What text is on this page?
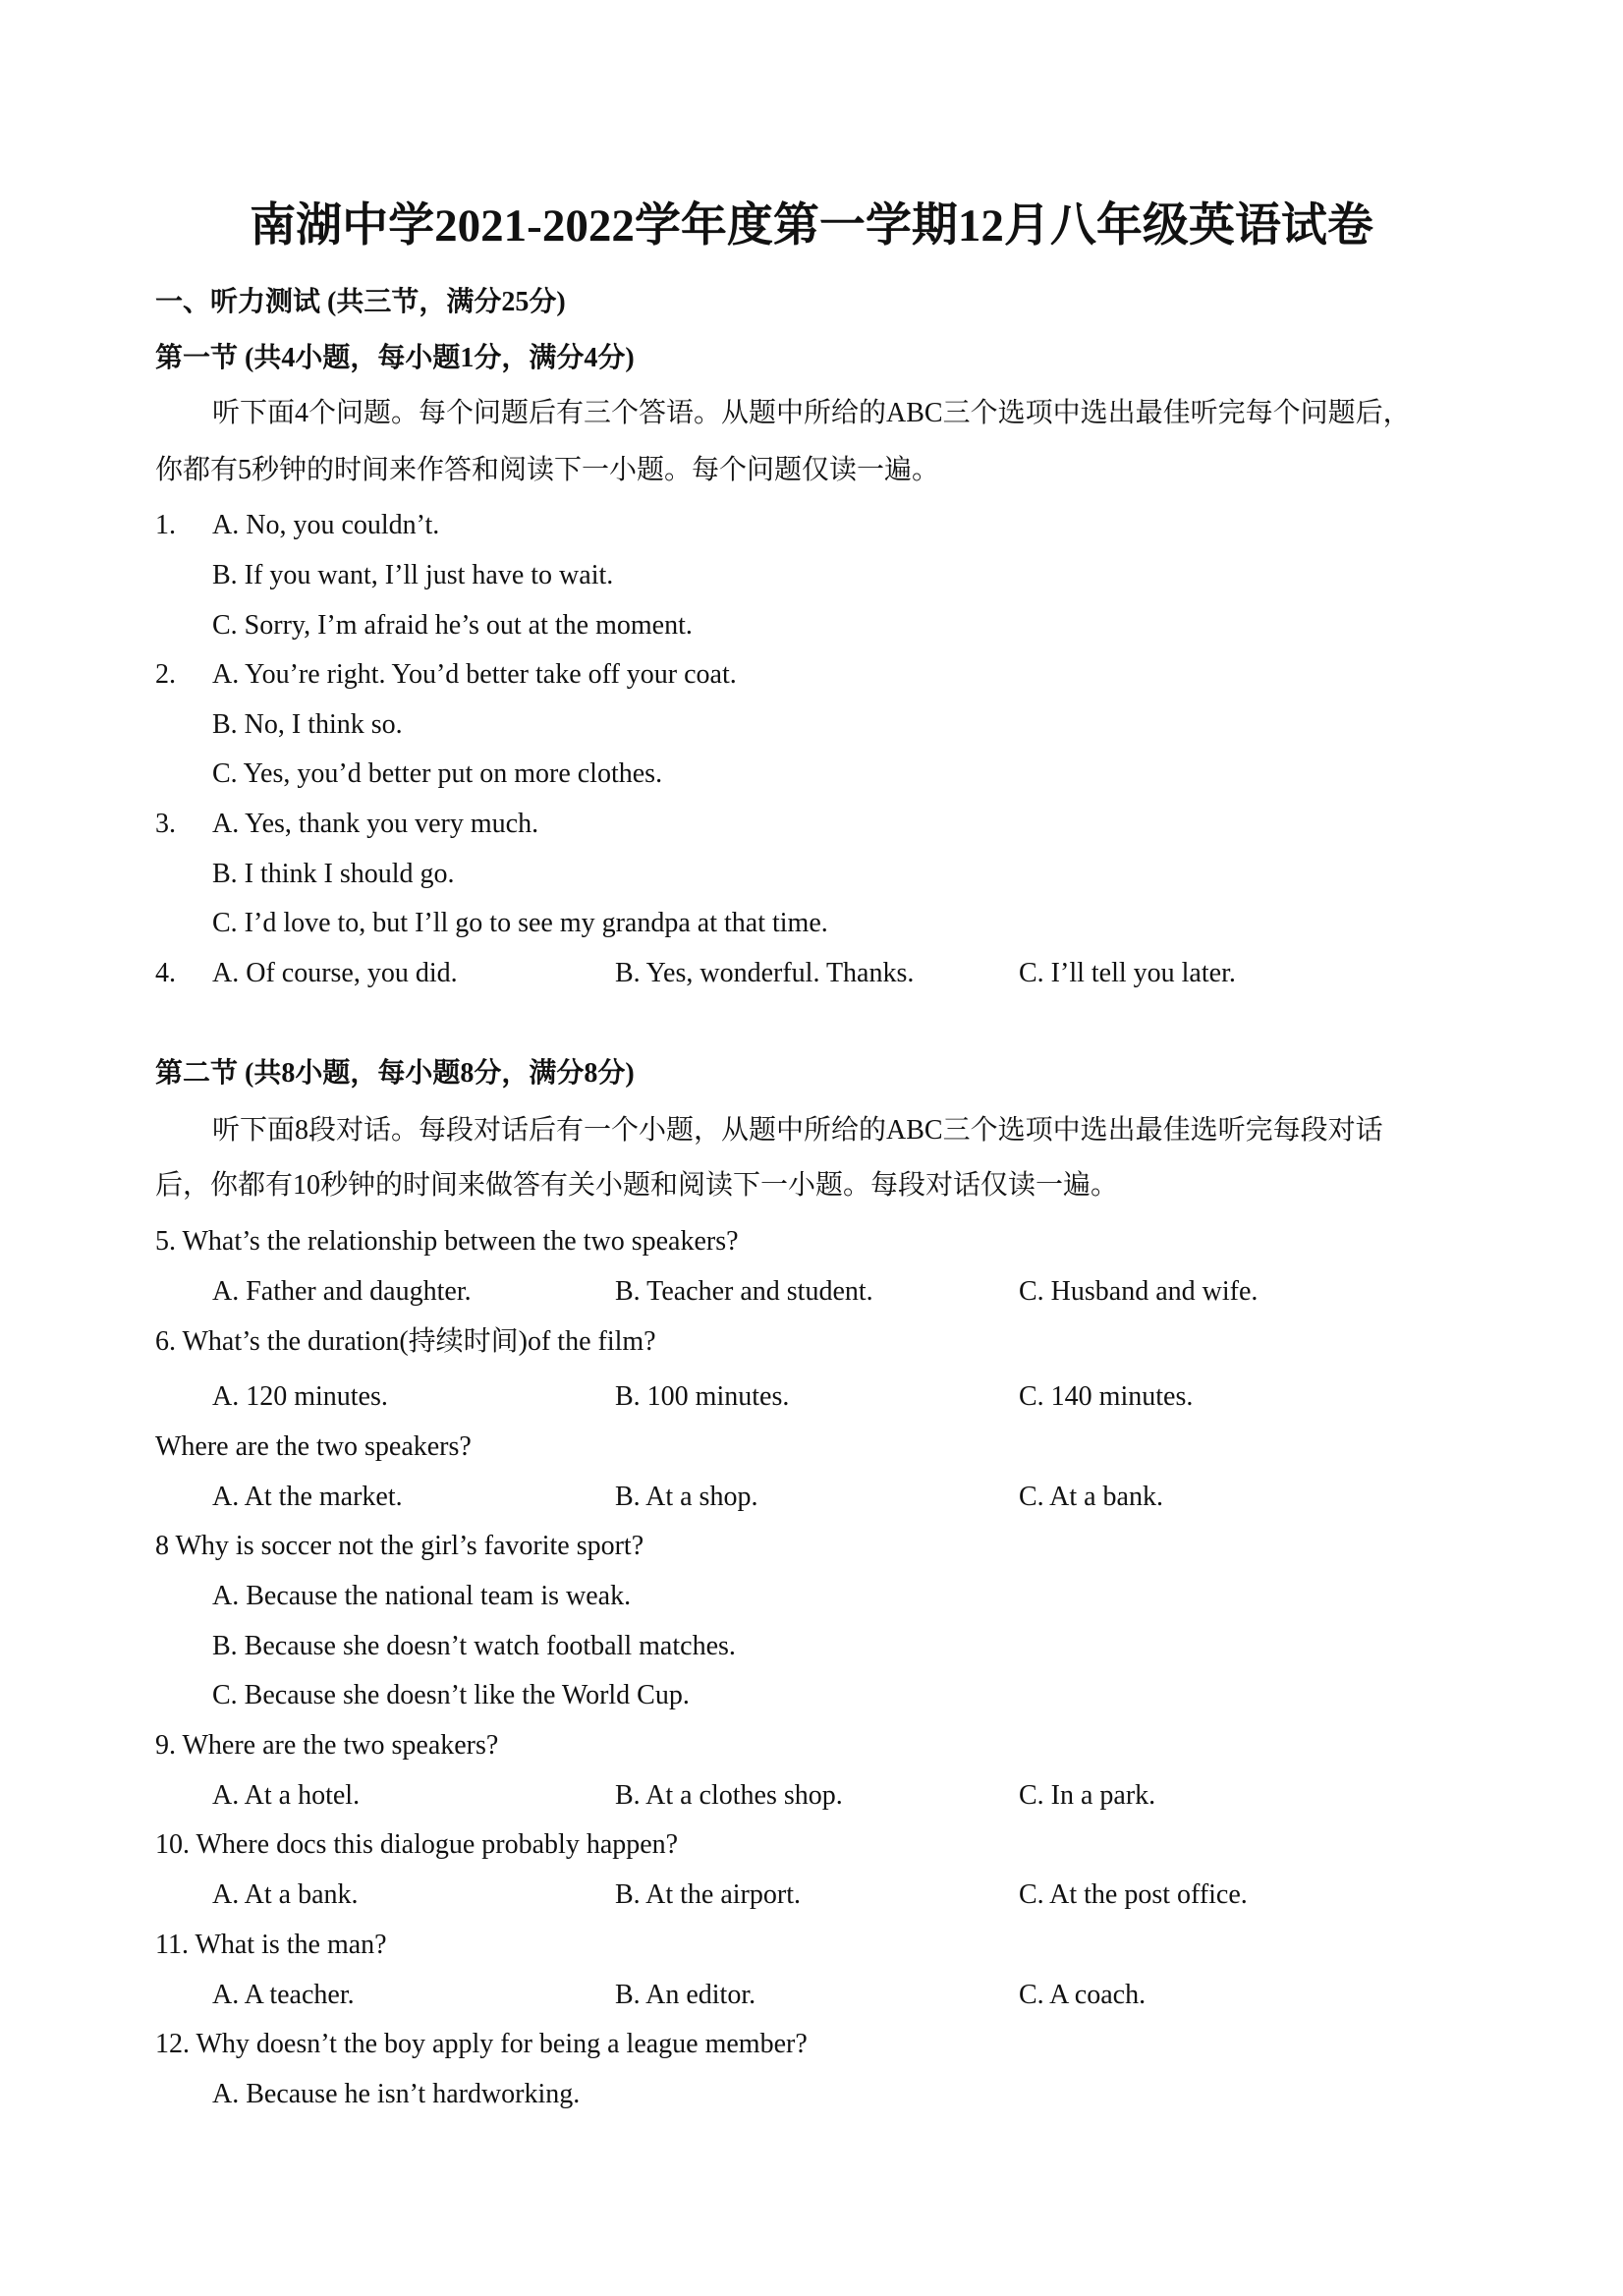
南湖中学2021-2022学年度第一学期12月八年级英语试卷
一、听力测试 (共三节，满分25分)
第一节 (共4小题，每小题1分，满分4分)
听下面4个问题。每个问题后有三个答语。从题中所给的ABC三个选项中选出最佳听完每个问题后，
你都有5秒钟的时间来作答和阅读下一小题。每个问题仅读一遍。
1. A. No, you couldn’t.
B. If you want, I’ll just have to wait.
C. Sorry, I’m afraid he’s out at the moment.
2. A. You’re right. You’d better take off your coat.
B. No, I think so.
C. Yes, you’d better put on more clothes.
3. A. Yes, thank you very much.
B. I think I should go.
C. I’d love to, but I’ll go to see my grandpa at that time.
4. A. Of course, you did.	B. Yes, wonderful. Thanks.	C. I’ll tell you later.
第二节 (共8小题，每小题8分，满分8分)
听下面8段对话。每段对话后有一个小题，从题中所给的ABC三个选项中选出最佳选听完每段对话
后，你都有10秒钟的时间来做答有关小题和阅读下一小题。每段对话仅读一遍。
5. What’s the relationship between the two speakers?
A. Father and daughter.	B. Teacher and student.	C. Husband and wife.
6. What’s the duration(持续时间)of the film?
A. 120 minutes.	B. 100 minutes.	C. 140 minutes.
Where are the two speakers?
A. At the market.	B. At a shop.	C. At a bank.
8 Why is soccer not the girl’s favorite sport?
A. Because the national team is weak.
B. Because she doesn’t watch football matches.
C. Because she doesn’t like the World Cup.
9. Where are the two speakers?
A. At a hotel.	B. At a clothes shop.	C. In a park.
10. Where docs this dialogue probably happen?
A. At a bank.	B. At the airport.	C. At the post office.
11. What is the man?
A. A teacher.	B. An editor.	C. A coach.
12. Why doesn’t the boy apply for being a league member?
A. Because he isn’t hardworking.
